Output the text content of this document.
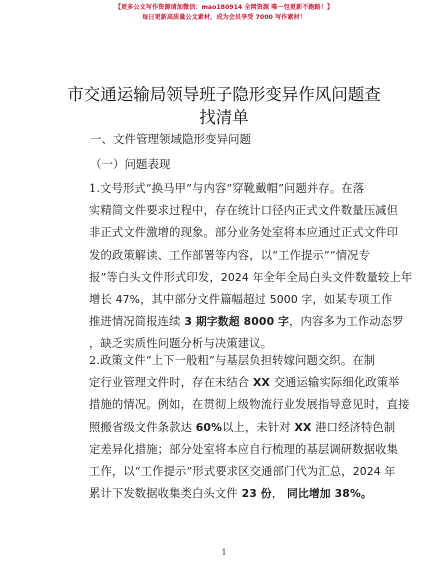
【更多公文写作资源请加微信：mao180914 全网资源 唯一包更新不跑路！】
每日更新高质量公文素材，成为会员享受 7000 写作素材！
市交通运输局领导班子隐形变异作风问题查找清单
一、文件管理领域隐形变异问题
（一）问题表现
1.文号形式“换马甲”与内容“穿靴戴帽”问题并存。在落
实精简文件要求过程中，存在统计口径内正式文件数量压减但
非正式文件激增的现象。部分业务处室将本应通过正式文件印
发的政策解读、工作部署等内容，以“工作提示”“情况专
报”等白头文件形式印发，2024 年全年全局白头文件数量较上年
增长 47%，其中部分文件篇幅超过 5000 字，如某专项工作
推进情况简报连续 3 期字数超 8000 字，内容多为工作动态罗
，缺乏实质性问题分析与决策建议。
2.政策文件“上下一般粗”与基层负担转嫁问题交织。在制
定行业管理文件时，存在未结合 XX 交通运输实际细化政策举
措施的情况。例如，在贯彻上级物流行业发展指导意见时，直接
照搬省级文件条款达 60%以上，未针对 XX 港口经济特色制
定差异化措施；部分处室将本应自行梳理的基层调研数据收集
工作，以“工作提示”形式要求区交通部门代为汇总，2024 年
累计下发数据收集类白头文件 23 份， 同比增加 38%。
1
